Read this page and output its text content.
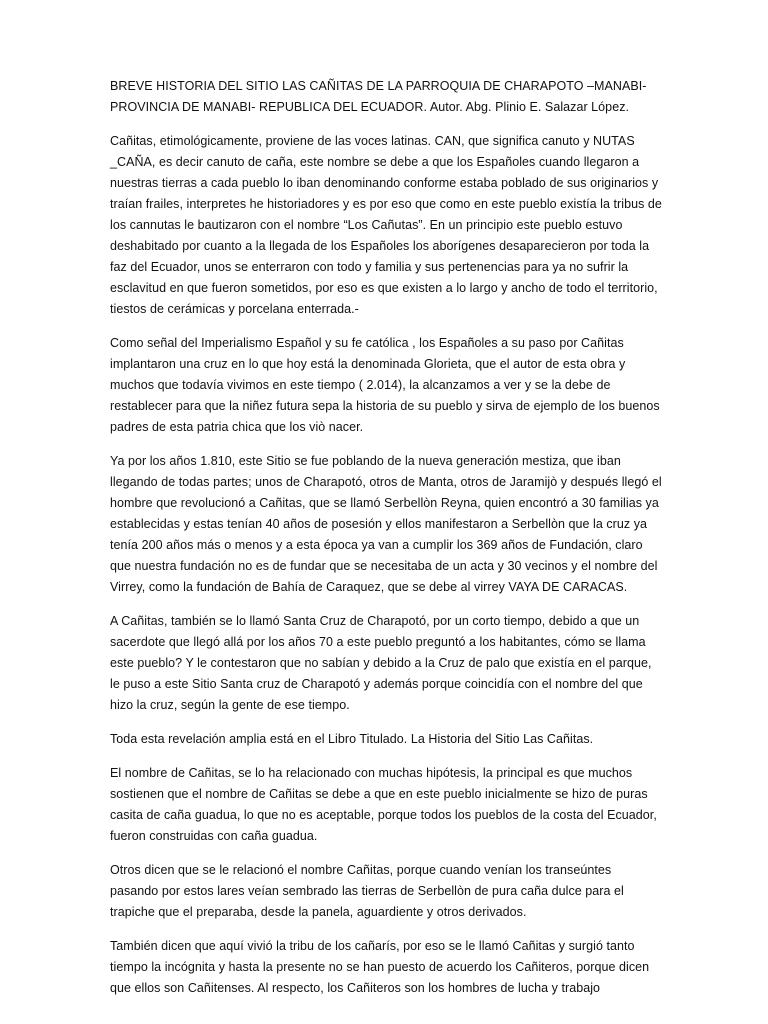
BREVE HISTORIA DEL SITIO LAS CAÑITAS DE LA PARROQUIA DE CHARAPOTO –MANABI- PROVINCIA DE MANABI- REPUBLICA DEL ECUADOR. Autor. Abg. Plinio E. Salazar López.

Cañitas, etimológicamente, proviene de las voces latinas. CAN, que significa canuto y NUTAS _CAÑA, es decir canuto de caña, este nombre se debe a que los Españoles cuando llegaron a nuestras tierras a cada pueblo lo iban denominando conforme estaba poblado de sus originarios y traían frailes, interpretes he historiadores y es por eso que como en este pueblo existía la tribus de los cannutas le bautizaron con el nombre “Los Cañutas”. En un principio este pueblo estuvo deshabitado por cuanto a la llegada de los Españoles los aborígenes desaparecieron por toda la faz del Ecuador, unos se enterraron con todo y familia y sus pertenencias para ya no sufrir la esclavitud en que fueron sometidos, por eso es que existen a lo largo y ancho de todo el territorio, tiestos de cerámicas y porcelana enterrada.-

Como señal del Imperialismo Español y su fe católica , los Españoles a su paso por Cañitas implantaron una cruz en lo que hoy está la denominada Glorieta, que el autor de esta obra y muchos que todavía vivimos en este tiempo ( 2.014), la alcanzamos a ver y se la debe de restablecer para que la niñez futura sepa la historia de su pueblo y sirva de ejemplo de los buenos padres de esta patria chica que los viò nacer.

Ya por los años 1.810, este Sitio se fue poblando de la nueva generación mestiza, que iban llegando de todas partes; unos de Charapotó, otros de Manta, otros de Jaramijò y después llegó el hombre que revolucionó a Cañitas, que se llamó Serbellòn Reyna, quien encontró a 30 familias ya establecidas y estas tenían 40 años de posesión y ellos manifestaron a Serbellòn que la cruz ya tenía 200 años más o menos y a esta época ya van a cumplir los 369 años de Fundación, claro que nuestra fundación no es de fundar que se necesitaba de un acta y 30 vecinos y el nombre del Virrey, como la fundación de Bahía de Caraquez, que se debe al virrey VAYA DE CARACAS.

A Cañitas, también se lo llamó Santa Cruz de Charapotó, por un corto tiempo, debido a que un sacerdote que llegó allá por los años 70 a este pueblo preguntó a los habitantes, cómo se llama este pueblo? Y le contestaron que no sabían y debido a la Cruz de palo que existía en el parque, le puso a este Sitio Santa cruz de Charapotó y además porque coincidía con el nombre del que hizo la cruz, según la gente de ese tiempo.

Toda esta revelación amplia está en el Libro Titulado. La Historia del Sitio Las Cañitas.

El nombre de Cañitas, se lo ha relacionado con muchas hipótesis, la principal es que muchos sostienen que el nombre de Cañitas se debe a que en este pueblo inicialmente se hizo de puras casita de caña guadua, lo que no es aceptable, porque todos los pueblos de la costa del Ecuador, fueron construidas con caña guadua.

Otros dicen que se le relacionó el nombre Cañitas, porque cuando venían los transeúntes pasando por estos lares veían sembrado las tierras de Serbellòn de pura caña dulce para el trapiche que el preparaba, desde la panela, aguardiente y otros derivados.

También dicen que aquí vivió la tribu de los cañarís, por eso se le llamó Cañitas y surgió tanto tiempo la incógnita y hasta la presente no se han puesto de acuerdo los Cañiteros, porque dicen que ellos son Cañitenses. Al respecto, los Cañiteros son los hombres de lucha y trabajo
